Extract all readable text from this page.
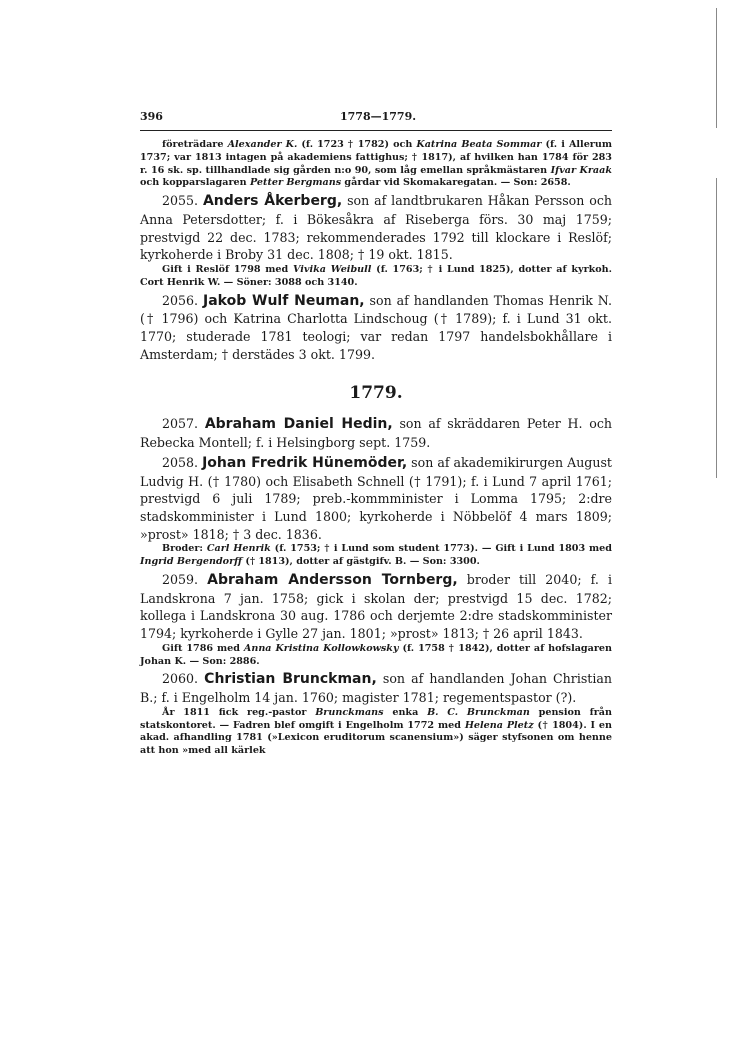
396	1778—1779.

företrädare Alexander K. (f. 1723 † 1782) och Katrina Beata Sommar (f. i Allerum 1737; var 1813 intagen på akademiens fattighus; † 1817), af hvilken han 1784 för 283 r. 16 sk. sp. tillhandlade sig gården n:o 90, som låg emellan språkmästaren Ifvar Kraak och kopparslagaren Petter Bergmans gårdar vid Skomakaregatan. — Son: 2658.

2055. Anders Åkerberg, son af landtbrukaren Håkan Persson och Anna Petersdotter; f. i Bökesåkra af Riseberga förs. 30 maj 1759; prestvigd 22 dec. 1783; rekommenderades 1792 till klockare i Reslöf; kyrkoherde i Broby 31 dec. 1808; † 19 okt. 1815.

Gift i Reslöf 1798 med Vivika Weibull (f. 1763; † i Lund 1825), dotter af kyrkoh. Cort Henrik W. — Söner: 3088 och 3140.

2056. Jakob Wulf Neuman, son af handlanden Thomas Henrik N. († 1796) och Katrina Charlotta Lindschoug († 1789); f. i Lund 31 okt. 1770; studerade 1781 teologi; var redan 1797 handelsbokhållare i Amsterdam; † derstädes 3 okt. 1799.

1779.

2057. Abraham Daniel Hedin, son af skräddaren Peter H. och Rebecka Montell; f. i Helsingborg sept. 1759.

2058. Johan Fredrik Hünemöder, son af akademikirurgen August Ludvig H. († 1780) och Elisabeth Schnell († 1791); f. i Lund 7 april 1761; prestvigd 6 juli 1789; preb.-kommminister i Lomma 1795; 2:dre stadskomminister i Lund 1800; kyrkoherde i Nöbbelöf 4 mars 1809; »prost» 1818; † 3 dec. 1836.

Broder: Carl Henrik (f. 1753; † i Lund som student 1773). — Gift i Lund 1803 med Ingrid Bergendorff († 1813), dotter af gästgifv. B. — Son: 3300.

2059. Abraham Andersson Tornberg, broder till 2040; f. i Landskrona 7 jan. 1758; gick i skolan der; prestvigd 15 dec. 1782; kollega i Landskrona 30 aug. 1786 och derjemte 2:dre stadskomminister 1794; kyrkoherde i Gylle 27 jan. 1801; »prost» 1813; † 26 april 1843.

Gift 1786 med Anna Kristina Kollowkowsky (f. 1758 † 1842), dotter af hofslagaren Johan K. — Son: 2886.

2060. Christian Brunckman, son af handlanden Johan Christian B.; f. i Engelholm 14 jan. 1760; magister 1781; regementspastor (?).

År 1811 fick reg.-pastor Brunckmans enka B. C. Brunckman pension från statskontoret. — Fadren blef omgift i Engelholm 1772 med Helena Pletz († 1804). I en akad. afhandling 1781 (»Lexicon eruditorum scanensium») säger styfsonen om henne att hon »med all kärlek
